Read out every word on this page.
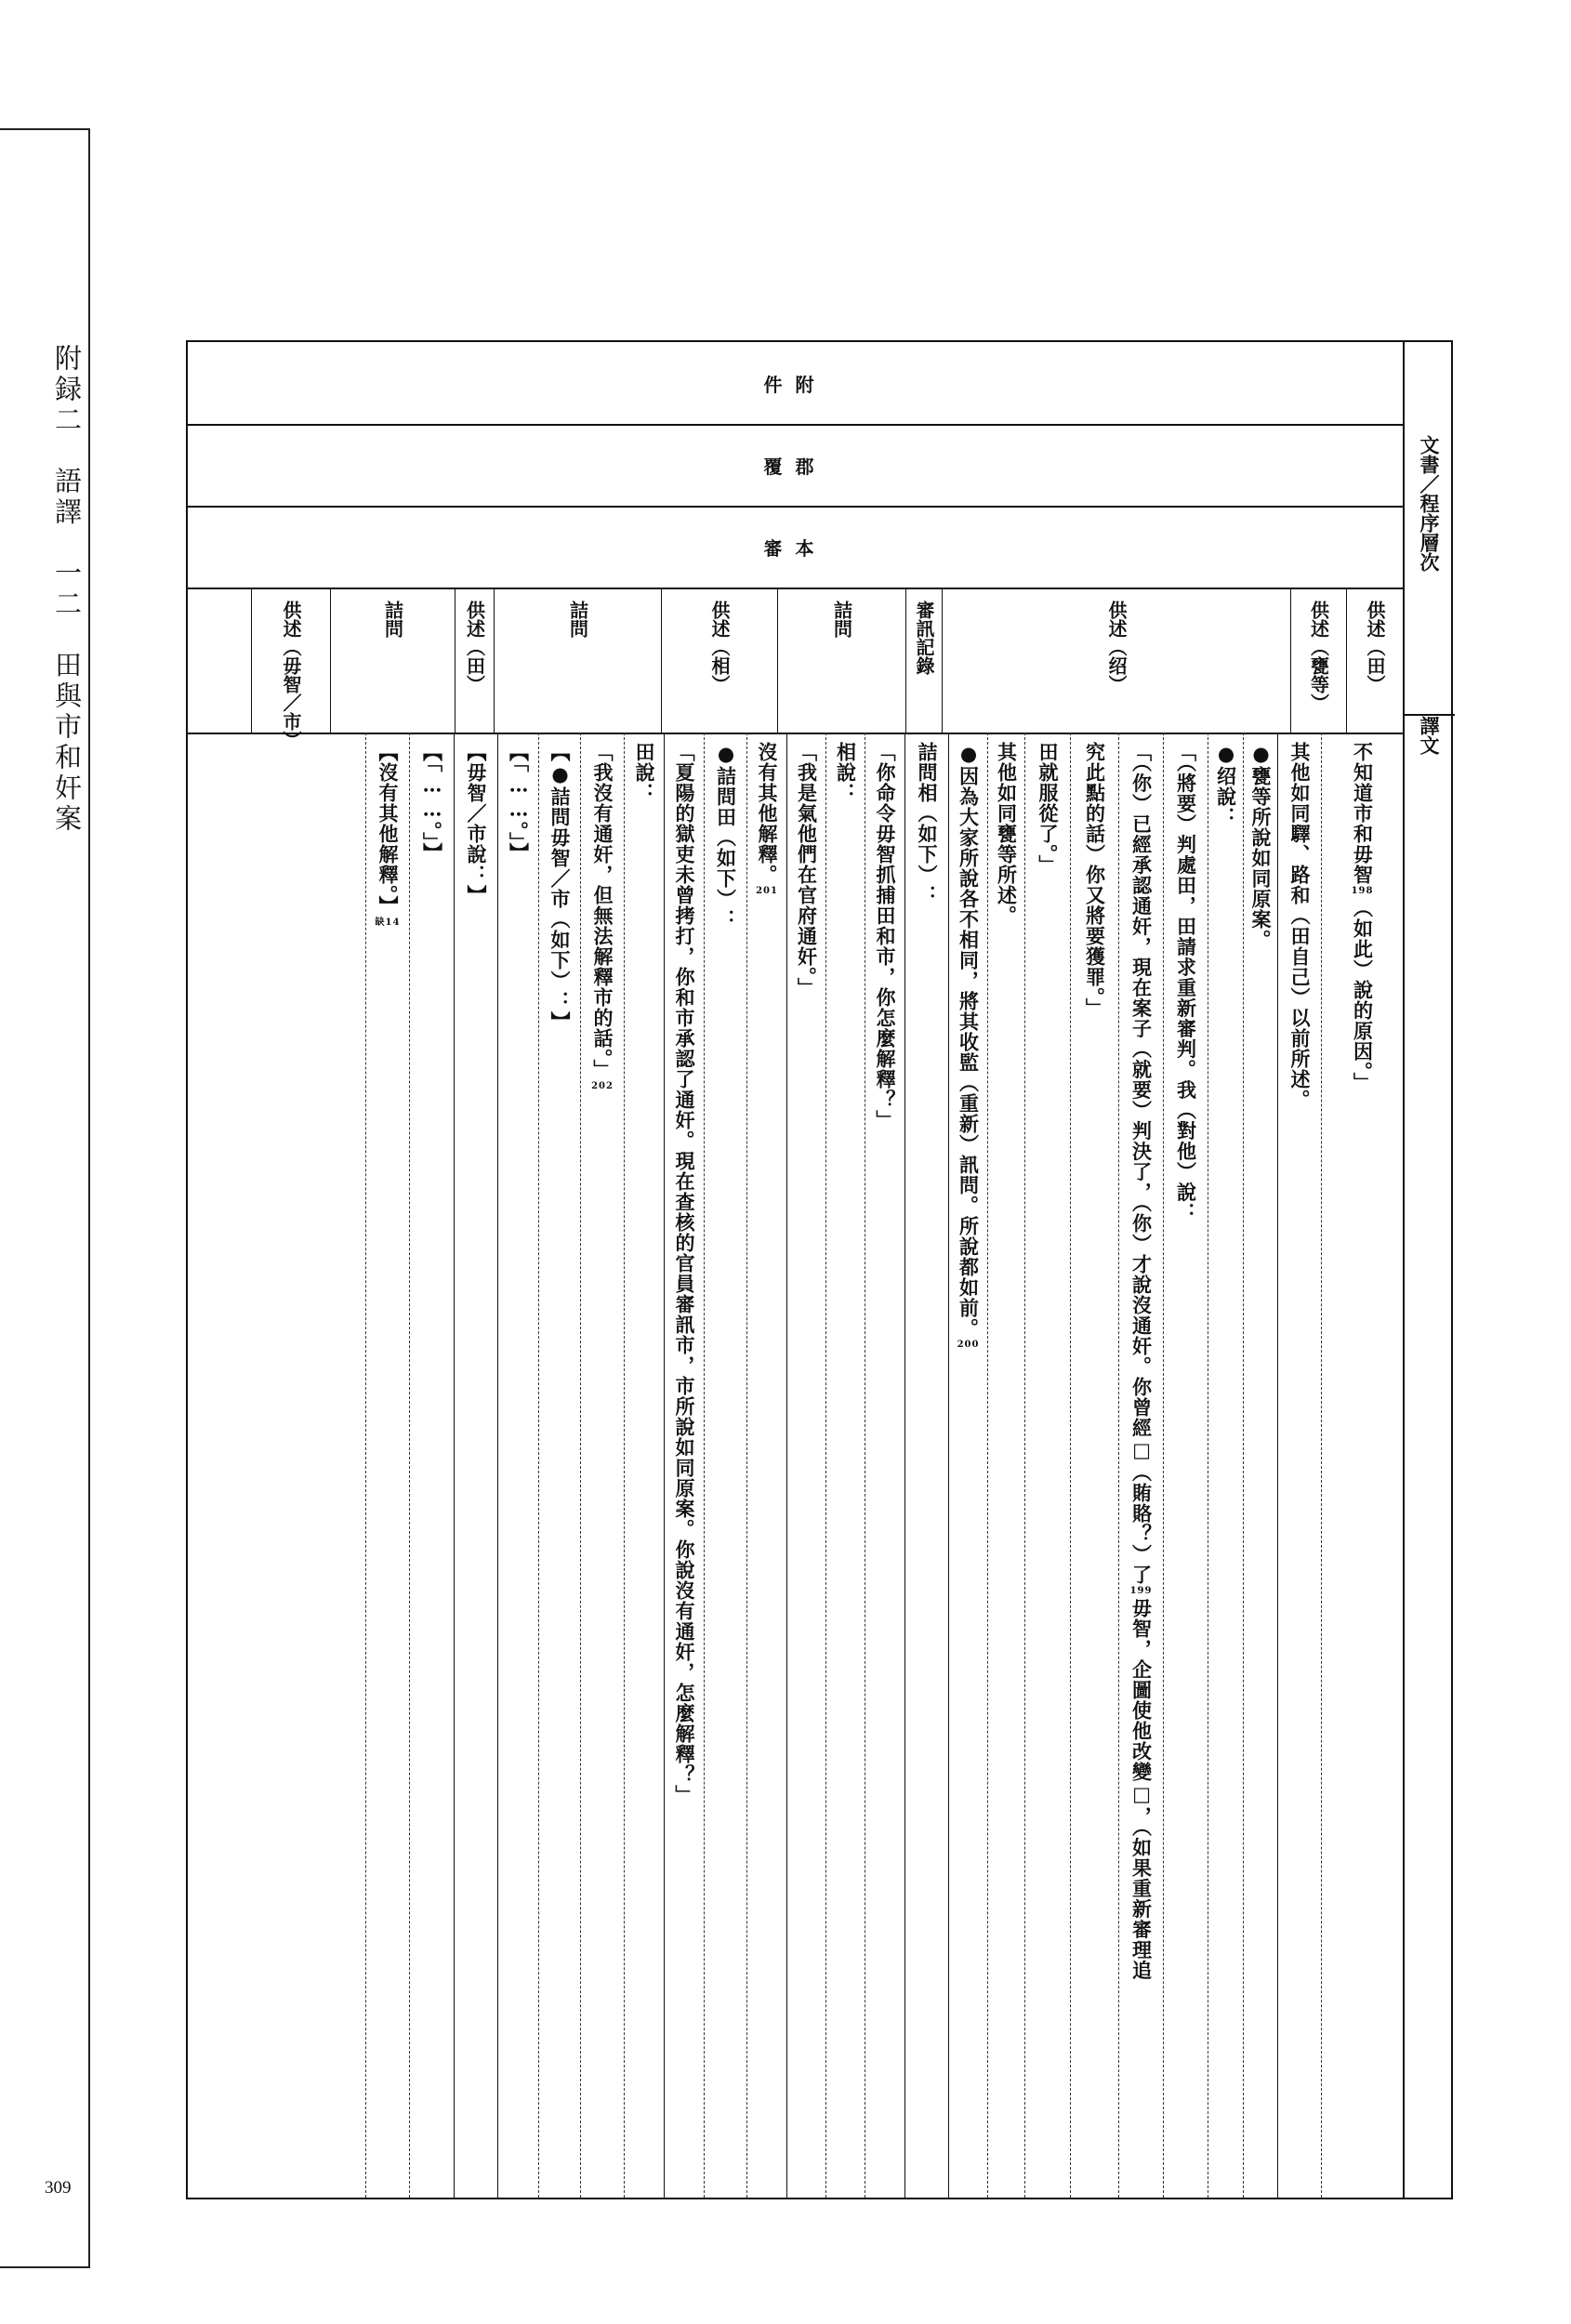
附録二　語譯　一二　田與市和奸案
309
件附
覆郡
審本	文書／程序層次
譯文
供述（田）
供述（甕等）
供述（绍）
審訊記錄
詰問
供述（相）
詰問
供述（田）
詰問
供述（毋智／市）
不知道市和毋智198（如此）說的原因。」
其他如同驛、路和（田自己）以前所述。
●甕等所說如同原案。
●绍說：
「（將要）判處田，田請求重新審判。我（對他）說：
「（你）已經承認通奸，現在案子（就要）判決了，（你）才說沒通奸。你曾經□（賄賂？）了199毋智，企圖使他改變□，（如果重新審理追
究此點的話）你又將要獲罪。」
田就服從了。」
其他如同甕等所述。
●因為大家所說各不相同，將其收監（重新）訊問。所說都如前。200
詰問相（如下）：
「你命令毋智抓捕田和市，你怎麼解釋？」
相說：
「我是氣他們在官府通奸。」
沒有其他解釋。201
●詰問田（如下）：
「夏陽的獄吏未曾拷打，你和市承認了通奸。現在查核的官員審訊市，市所說如同原案。你說沒有通奸，怎麼解釋？」
田說：
「我沒有通奸，但無法解釋市的話。」202
【●詰問毋智／市（如下）：】
【「……。」】
【毋智／市說：】
【「……。」】
【沒有其他解釋。】缺14
